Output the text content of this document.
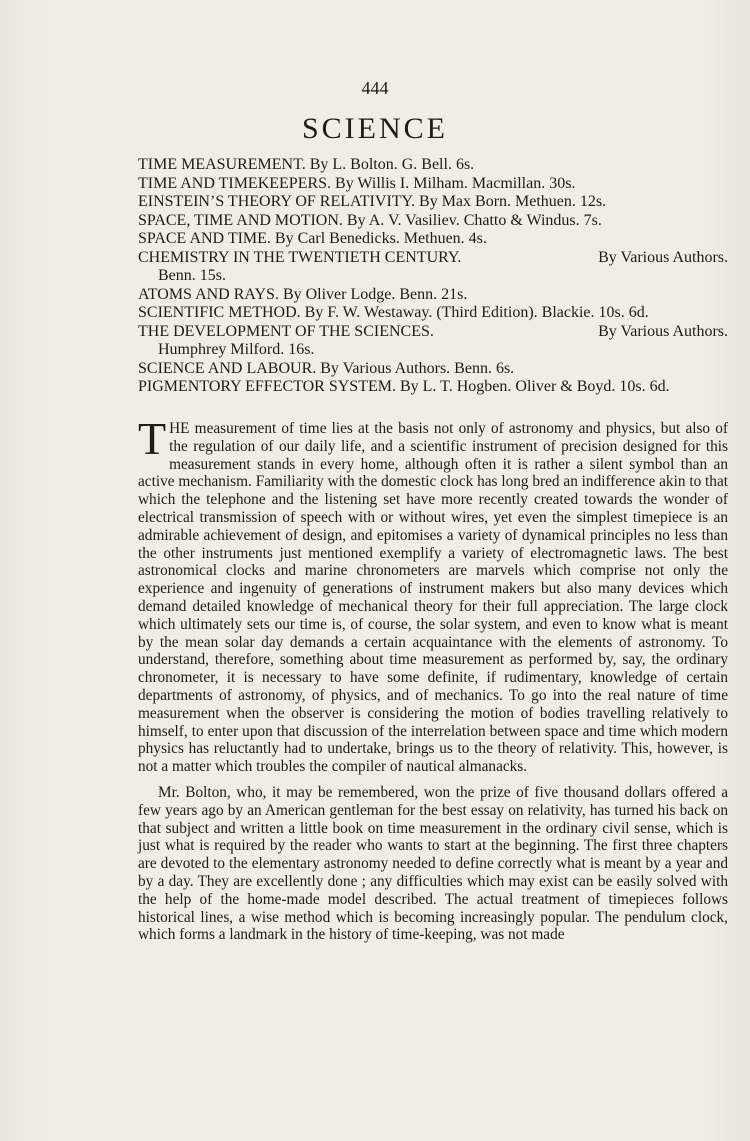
444
SCIENCE
TIME MEASUREMENT. By L. Bolton. G. Bell. 6s.
TIME AND TIMEKEEPERS. By Willis I. Milham. Macmillan. 30s.
EINSTEIN’S THEORY OF RELATIVITY. By Max Born. Methuen. 12s.
SPACE, TIME AND MOTION. By A. V. Vasiliev. Chatto & Windus. 7s.
SPACE AND TIME. By Carl Benedicks. Methuen. 4s.
CHEMISTRY IN THE TWENTIETH CENTURY.	By Various Authors.
Benn. 15s.
ATOMS AND RAYS. By Oliver Lodge. Benn. 21s.
SCIENTIFIC METHOD. By F. W. Westaway. (Third Edition). Blackie. 10s. 6d.
THE DEVELOPMENT OF THE SCIENCES.	By Various Authors.
Humphrey Milford. 16s.
SCIENCE AND LABOUR. By Various Authors. Benn. 6s.
PIGMENTORY EFFECTOR SYSTEM. By L. T. Hogben. Oliver & Boyd. 10s. 6d.

THE measurement of time lies at the basis not only of astronomy and physics, but also of the regulation of our daily life, and a scientific instrument of precision designed for this measurement stands in every home, although often it is rather a silent symbol than an active mechanism. Familiarity with the domestic clock has long bred an indifference akin to that which the telephone and the listening set have more recently created towards the wonder of electrical transmission of speech with or without wires, yet even the simplest timepiece is an admirable achievement of design, and epitomises a variety of dynamical principles no less than the other instruments just mentioned exemplify a variety of electromagnetic laws. The best astronomical clocks and marine chronometers are marvels which comprise not only the experience and ingenuity of generations of instrument makers but also many devices which demand detailed knowledge of mechanical theory for their full appreciation. The large clock which ultimately sets our time is, of course, the solar system, and even to know what is meant by the mean solar day demands a certain acquaintance with the elements of astronomy. To understand, therefore, something about time measurement as performed by, say, the ordinary chronometer, it is necessary to have some definite, if rudimentary, knowledge of certain departments of astronomy, of physics, and of mechanics. To go into the real nature of time measurement when the observer is considering the motion of bodies travelling relatively to himself, to enter upon that discussion of the interrelation between space and time which modern physics has reluctantly had to undertake, brings us to the theory of relativity. This, however, is not a matter which troubles the compiler of nautical almanacks.

Mr. Bolton, who, it may be remembered, won the prize of five thousand dollars offered a few years ago by an American gentleman for the best essay on relativity, has turned his back on that subject and written a little book on time measurement in the ordinary civil sense, which is just what is required by the reader who wants to start at the beginning. The first three chapters are devoted to the elementary astronomy needed to define correctly what is meant by a year and by a day. They are excellently done ; any difficulties which may exist can be easily solved with the help of the home-made model described. The actual treatment of timepieces follows historical lines, a wise method which is becoming increasingly popular. The pendulum clock, which forms a landmark in the history of time-keeping, was not made
